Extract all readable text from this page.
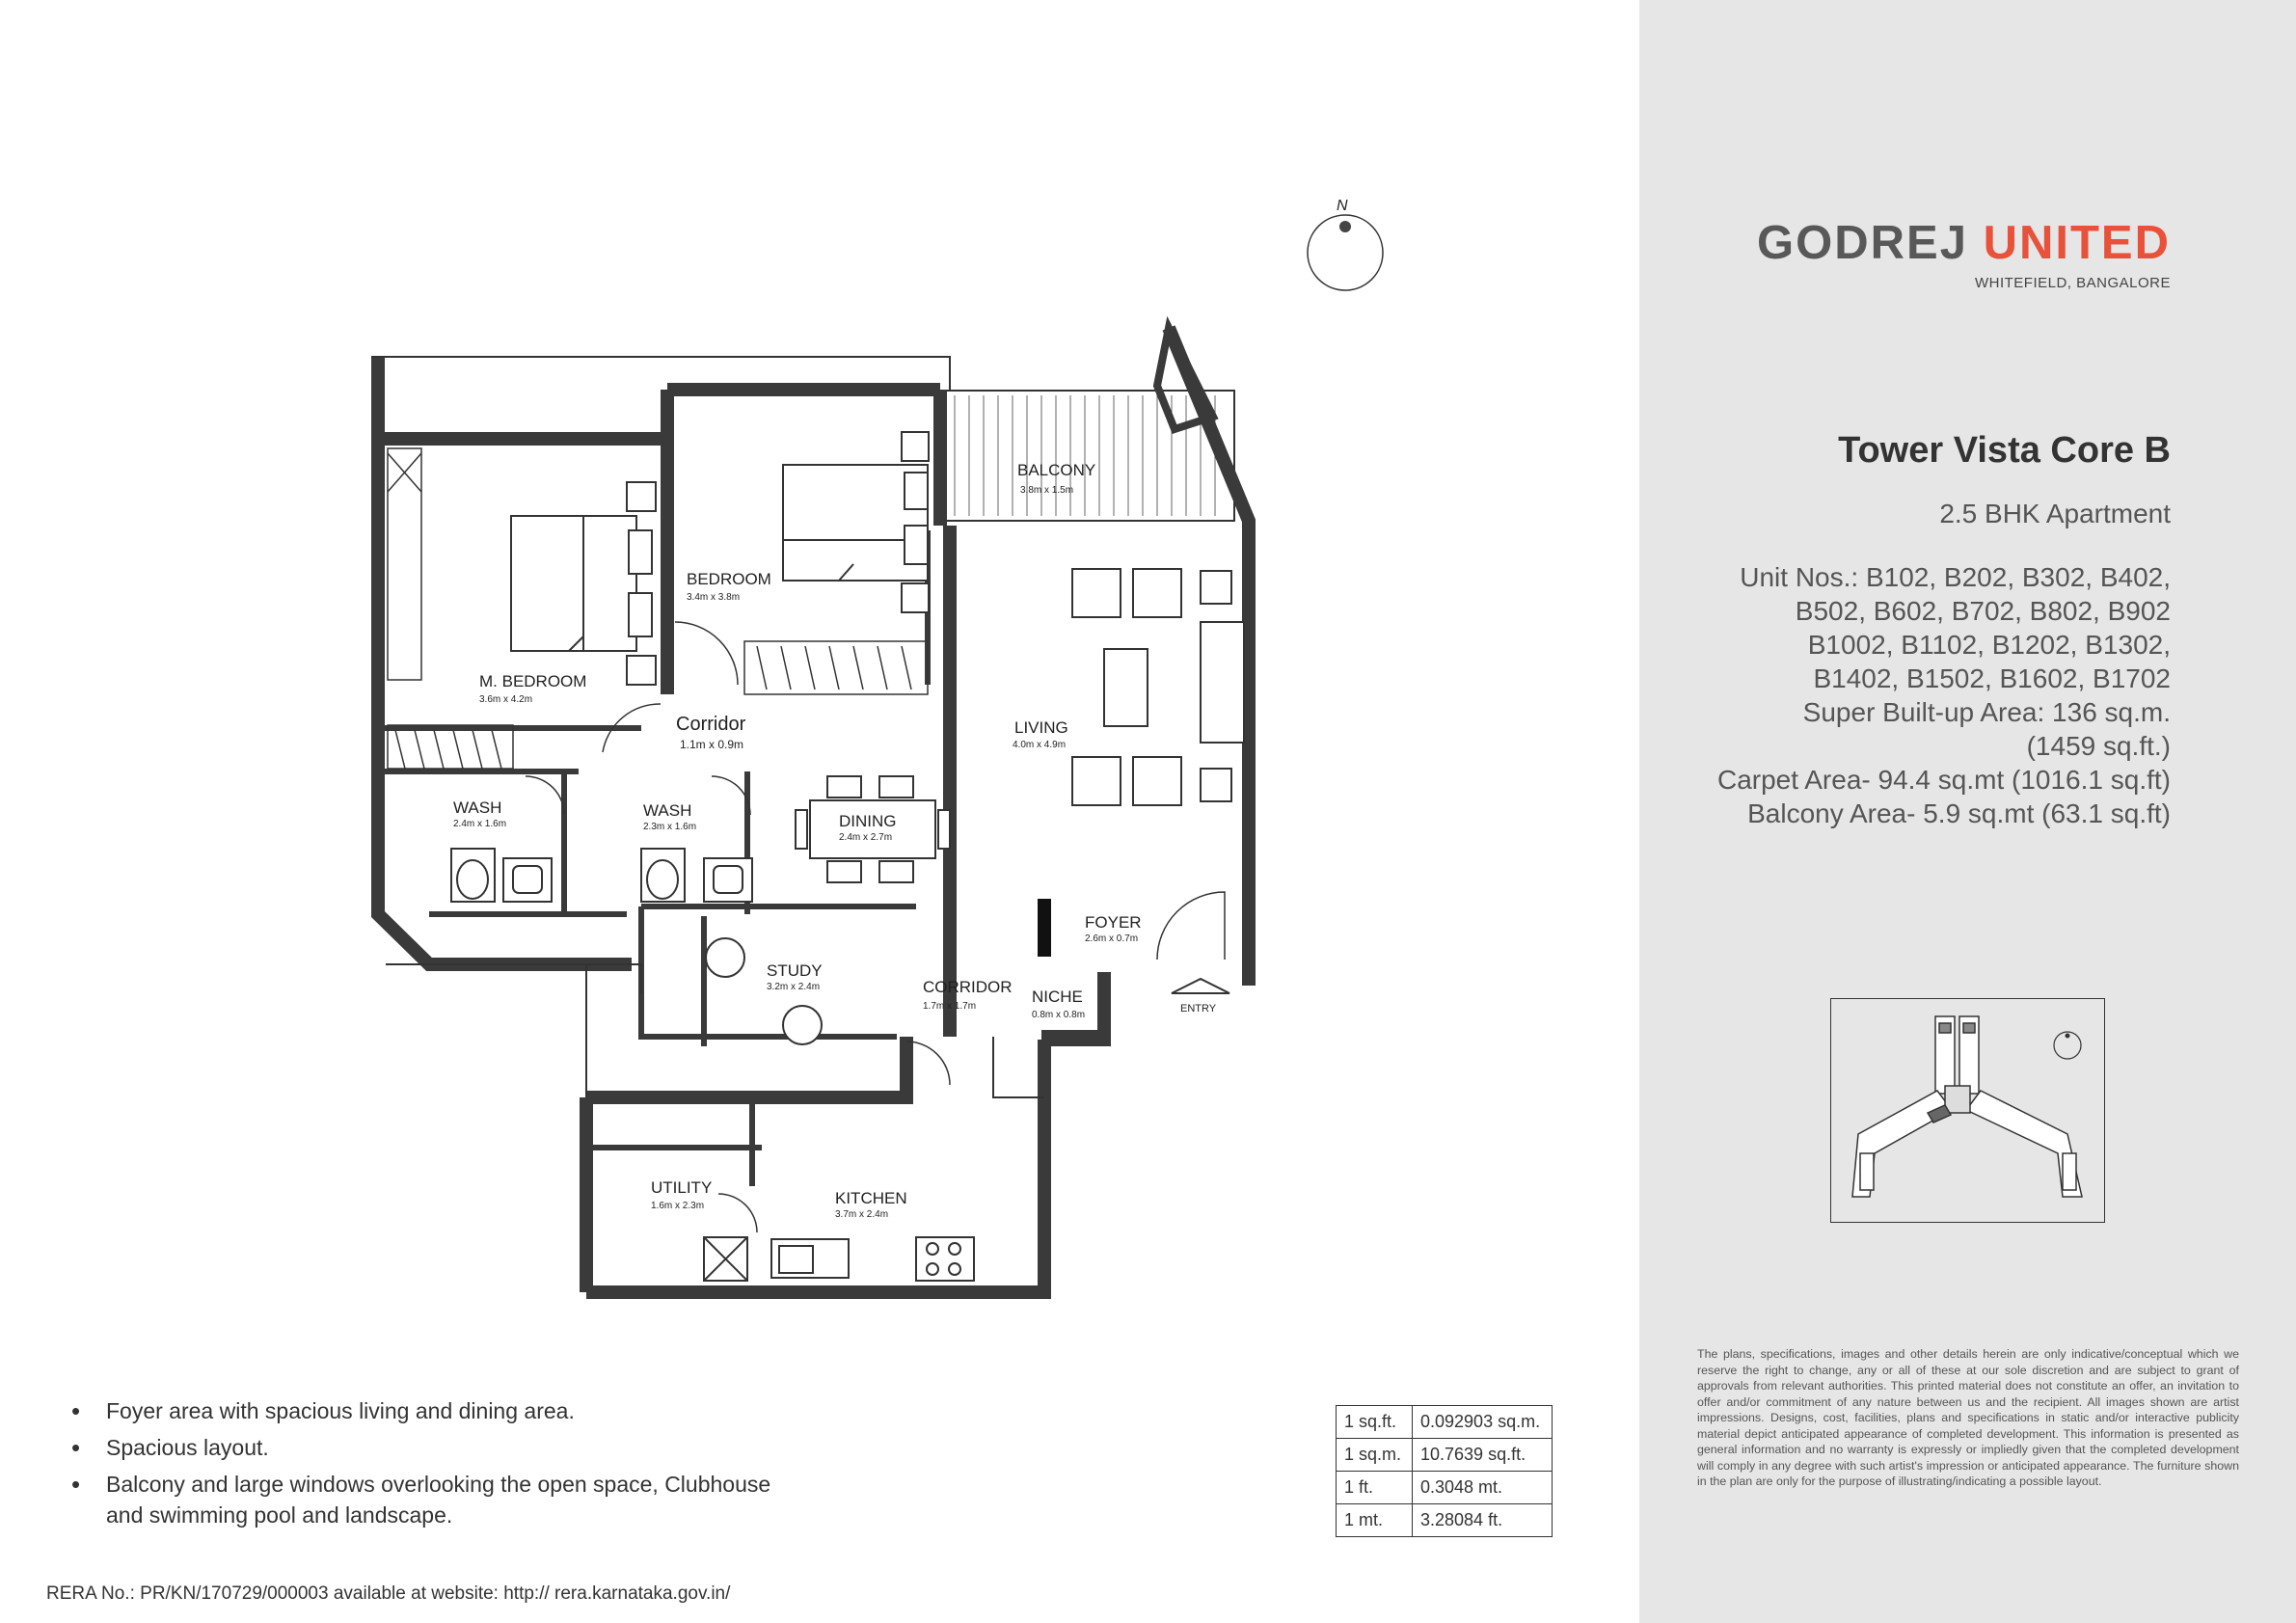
GODREJ UNITED
WHITEFIELD, BANGALORE
Tower Vista Core B
2.5 BHK Apartment
Unit Nos.: B102, B202, B302, B402,
B502, B602, B702, B802, B902
B1002, B1102, B1202, B1302,
B1402, B1502, B1602, B1702
Super Built-up Area: 136 sq.m.
(1459 sq.ft.)
Carpet Area- 94.4 sq.mt (1016.1 sq.ft)
Balcony Area- 5.9 sq.mt (63.1 sq.ft)
The plans, specifications, images and other details herein are only indicative/conceptual which we reserve the right to change, any or all of these at our sole discretion and are subject to grant of approvals from relevant authorities. This printed material does not constitute an offer, an invitation to offer and/or commitment of any nature between us and the recipient. All images shown are artist impressions. Designs, cost, facilities, plans and specifications in static and/or interactive publicity material depict anticipated appearance of completed development. This information is presented as general information and no warranty is expressly or impliedly given that the completed development will comply in any degree with such artist's impression or anticipated appearance. The furniture shown in the plan are only for the purpose of illustrating/indicating a possible layout.
• Foyer area with spacious living and dining area.
• Spacious layout.
• Balcony and large windows overlooking the open space, Clubhouse and swimming pool and landscape.
1 sq.ft.	0.092903 sq.m.
1 sq.m.	10.7639 sq.ft.
1 ft.	0.3048 mt.
1 mt.	3.28084 ft.
RERA No.: PR/KN/170729/000003 available at website: http:// rera.karnataka.gov.in/
N
BALCONY
3.8m x 1.5m
BEDROOM
3.4m x 3.8m
M. BEDROOM
3.6m x 4.2m
Corridor
1.1m x 0.9m
LIVING
4.0m x 4.9m
WASH
2.4m x 1.6m
WASH
2.3m x 1.6m	DINING
2.4m x 2.7m
FOYER
2.6m x 0.7m
STUDY
3.2m x 2.4m	CORRIDOR
1.7m x 1.7m
NICHE
0.8m x 0.8m
UTILITY
1.6m x 2.3m	KITCHEN
3.7m x 2.4m
ENTRY
